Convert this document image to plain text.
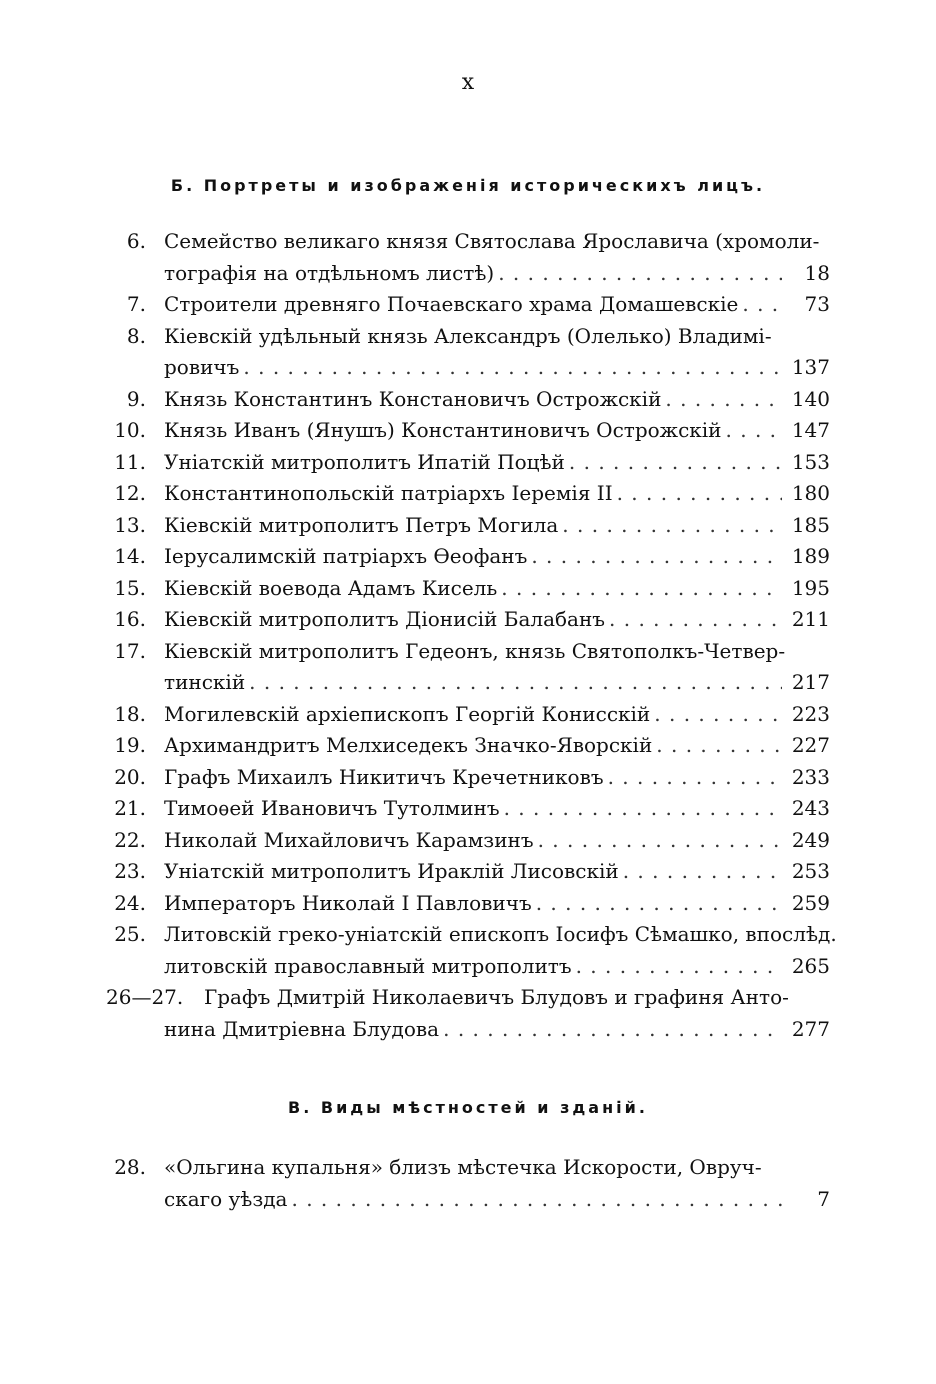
x
Б. Портреты и изображенія историческихъ лицъ.
6. Семейство великаго князя Святослава Ярославича (хромоли-
тографія на отдѣльномъ листѣ) . . .	18
7. Строители древняго Почаевскаго храма Домашевскіе . . .	73
8. Кіевскій удѣльный князь Александръ (Олелько) Владимі-
ровичъ . . .	137
9. Князь Константинъ Констановичъ Острожскій . . .	140
10. Князь Иванъ (Янушъ) Константиновичъ Острожскій . . .	147
11. Уніатскій митрополитъ Ипатій Поцѣй . . .	153
12. Константинопольскій патріархъ Іеремія II . . .	180
13. Кіевскій митрополитъ Петръ Могила . . .	185
14. Іерусалимскій патріархъ Ѳеофанъ . . .	189
15. Кіевскій воевода Адамъ Кисель . . .	195
16. Кіевскій митрополитъ Діонисій Балабанъ . . .	211
17. Кіевскій митрополитъ Гедеонъ, князь Святополкъ-Четвер-
тинскій . . .	217
18. Могилевскій архіепископъ Георгій Конисскій . . .	223
19. Архимандритъ Мелхиседекъ Значко-Яворскій . . .	227
20. Графъ Михаилъ Никитичъ Кречетниковъ . . .	233
21. Тимоѳей Ивановичъ Тутолминъ . . .	243
22. Николай Михайловичъ Карамзинъ . . .	249
23. Уніатскій митрополитъ Ираклій Лисовскій . . .	253
24. Императоръ Николай I Павловичъ . . .	259
25. Литовскій греко-уніатскій епископъ Іосифъ Сѣмашко, впослѣд.
литовскій православный митрополитъ . . .	265
26—27. Графъ Дмитрій Николаевичъ Блудовъ и графиня Анто-
нина Дмитріевна Блудова . . .	277
В. Виды мѣстностей и зданій.
28. «Ольгина купальня» близъ мѣстечка Искорости, Овруч-
скаго уѣзда . . .	7
